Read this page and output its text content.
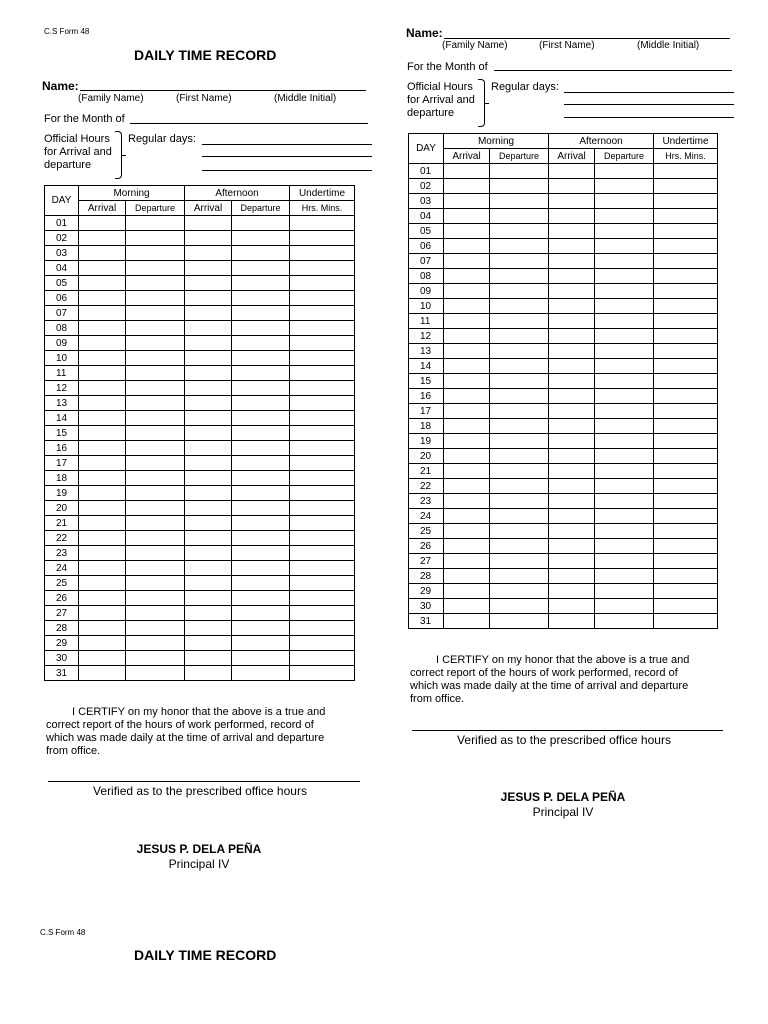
C.S Form 48
DAILY TIME RECORD
Name:
(Family Name)	(First Name)	(Middle Initial)
For the Month of
Official Hours
for Arrival and
departure
Regular days:
DAY	Morning		Afternoon		Undertime
	Arrival	Departure	Arrival	Departure	Hrs. Mins.
01					
02					
03					
04					
05					
06					
07					
08					
09					
10					
11					
12					
13					
14					
15					
16					
17					
18					
19					
20					
21					
22					
23					
24					
25					
26					
27					
28					
29					
30					
31					
I CERTIFY on my honor that the above is a true and
correct report of the hours of work performed, record of
which was made daily at the time of arrival and departure
from office.
Verified as to the prescribed office hours
JESUS P. DELA PEÑA
Principal IV
Name:
(Family Name)	(First Name)	(Middle Initial)
For the Month of
Official Hours
for Arrival and
departure
Regular days:
DAY	Morning		Afternoon		Undertime
	Arrival	Departure	Arrival	Departure	Hrs. Mins.
01					
02					
03					
04					
05					
06					
07					
08					
09					
10					
11					
12					
13					
14					
15					
16					
17					
18					
19					
20					
21					
22					
23					
24					
25					
26					
27					
28					
29					
30					
31					
I CERTIFY on my honor that the above is a true and
correct report of the hours of work performed, record of
which was made daily at the time of arrival and departure
from office.
Verified as to the prescribed office hours
JESUS P. DELA PEÑA
Principal IV
C.S Form 48
DAILY TIME RECORD
